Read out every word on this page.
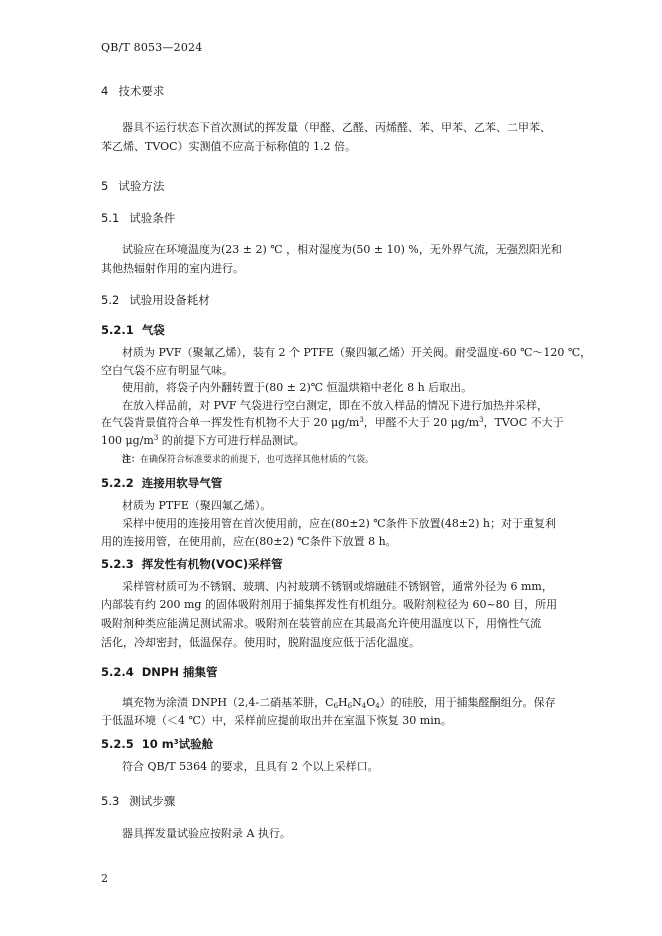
QB/T 8053—2024
4 技术要求
器具不运行状态下首次测试的挥发量（甲醛、乙醛、丙烯醛、苯、甲苯、乙苯、二甲苯、
苯乙烯、TVOC）实测值不应高于标称值的 1.2 倍。
5 试验方法
5.1 试验条件
试验应在环境温度为(23 ± 2) ℃ ，相对湿度为(50 ± 10) %，无外界气流，无强烈阳光和
其他热辐射作用的室内进行。
5.2 试验用设备耗材
5.2.1 气袋
材质为 PVF（聚氟乙烯），装有 2 个 PTFE（聚四氟乙烯）开关阀。耐受温度-60 ℃～120 ℃，
空白气袋不应有明显气味。
使用前，将袋子内外翻转置于(80 ± 2)℃ 恒温烘箱中老化 8 h 后取出。
在放入样品前，对 PVF 气袋进行空白测定，即在不放入样品的情况下进行加热并采样，
在气袋背景值符合单一挥发性有机物不大于 20 $\mu g/m^3$，甲醛不大于 20 $\mu g/m^3$，TVOC 不大于
100 $\mu g/m^3$ 的前提下方可进行样品测试。
注：在确保符合标准要求的前提下，也可选择其他材质的气袋。
5.2.2 连接用软导气管
材质为 PTFE（聚四氟乙烯）。
采样中使用的连接用管在首次使用前，应在(80±2) ℃条件下放置(48±2) h；对于重复利
用的连接用管，在使用前，应在(80±2) ℃条件下放置 8 h。
5.2.3 挥发性有机物(VOC)采样管
采样管材质可为不锈钢、玻璃、内衬玻璃不锈钢或熔融硅不锈钢管，通常外径为 6 mm，
内部装有约 200 mg 的固体吸附剂用于捕集挥发性有机组分。吸附剂粒径为 60~80 目，所用
吸附剂种类应能满足测试需求。吸附剂在装管前应在其最高允许使用温度以下，用惰性气流
活化，冷却密封，低温保存。使用时，脱附温度应低于活化温度。
5.2.4 DNPH 捕集管
填充物为涂渍 DNPH（2,4-二硝基苯肼，$C_6H_6N_4O_4$）的硅胶，用于捕集醛酮组分。保存
于低温环境（＜4 ℃）中，采样前应提前取出并在室温下恢复 30 min。
5.2.5 10 $m^3$试验舱
符合 QB/T 5364 的要求，且具有 2 个以上采样口。
5.3 测试步骤
器具挥发量试验应按附录 A 执行。
2
